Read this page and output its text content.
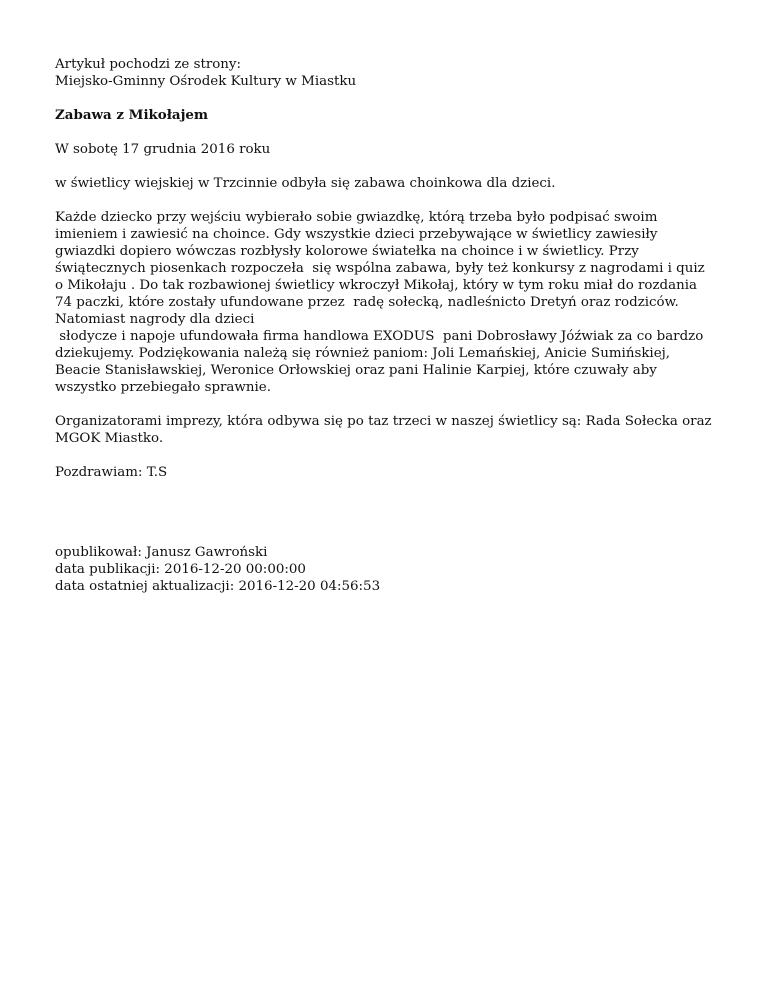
Artykuł pochodzi ze strony:

Miejsko-Gminny Ośrodek Kultury w Miastku

Zabawa z Mikołajem

W sobotę 17 grudnia 2016 roku

w świetlicy wiejskiej w Trzcinnie odbyła się zabawa choinkowa dla dzieci.

Każde dziecko przy wejściu wybierało sobie gwiazdkę, którą trzeba było podpisać swoim imieniem i zawiesić na choince. Gdy wszystkie dzieci przebywające w świetlicy zawiesiły gwiazdki dopiero wówczas rozbłysły kolorowe światełka na choince i w świetlicy. Przy świątecznych piosenkach rozpoczeła  się wspólna zabawa, były też konkursy z nagrodami i quiz o Mikołaju . Do tak rozbawionej świetlicy wkroczył Mikołaj, który w tym roku miał do rozdania 74 paczki, które zostały ufundowane przez  radę sołecką, nadleśnicto Dretyń oraz rodziców. Natomiast nagrody dla dzieci
słodycze i napoje ufundowała firma handlowa EXODUS  pani Dobrosławy Jóźwiak za co bardzo dziekujemy. Podziękowania należą się również paniom: Joli Lemańskiej, Anicie Sumińskiej, Beacie Stanisławskiej, Weronice Orłowskiej oraz pani Halinie Karpiej, które czuwały aby wszystko przebiegało sprawnie.

Organizatorami imprezy, która odbywa się po taz trzeci w naszej świetlicy są: Rada Sołecka oraz MGOK Miastko.

Pozdrawiam: T.S

opublikował: Janusz Gawroński

data publikacji: 2016-12-20 00:00:00

data ostatniej aktualizacji: 2016-12-20 04:56:53
